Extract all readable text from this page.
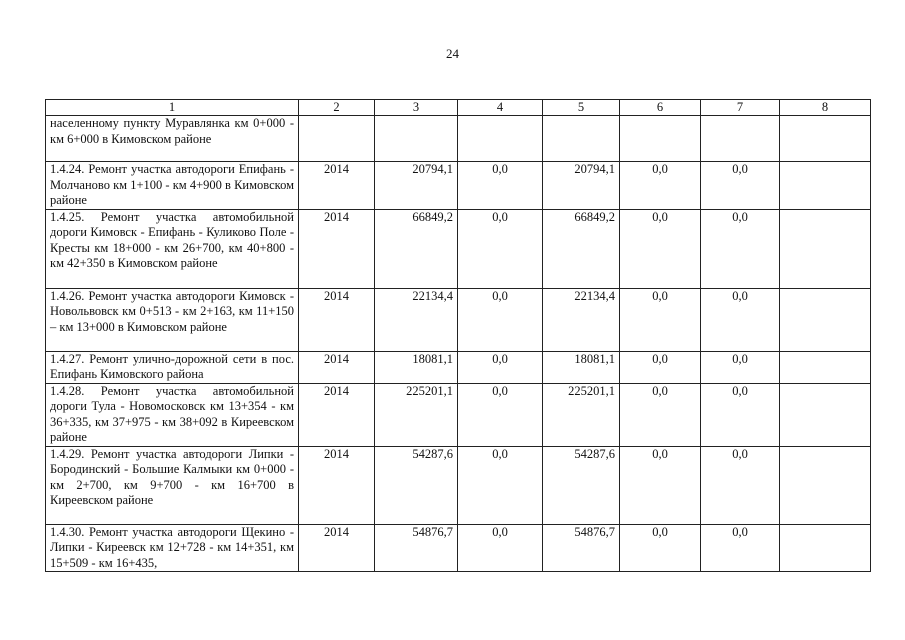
24
1	2	3	4	5	6	7	8
населенному пункту Муравлянка км 0+000 - км 6+000 в Кимовском районе							
1.4.24. Ремонт участка автодороги Епифань - Молчаново км 1+100 - км 4+900 в Кимовском районе	2014	20794,1	0,0	20794,1	0,0	0,0	
1.4.25. Ремонт участка автомобильной дороги Кимовск - Епифань - Куликово Поле - Кресты км 18+000 - км 26+700, км 40+800 - км 42+350 в Кимовском районе	2014	66849,2	0,0	66849,2	0,0	0,0	
1.4.26. Ремонт участка автодороги Кимовск - Новольвовск км 0+513 - км 2+163, км 11+150 – км 13+000 в Кимовском районе	2014	22134,4	0,0	22134,4	0,0	0,0	
1.4.27. Ремонт улично-дорожной сети в пос. Епифань Кимовского района	2014	18081,1	0,0	18081,1	0,0	0,0	
1.4.28. Ремонт участка автомобильной дороги Тула - Новомосковск км 13+354 - км 36+335, км 37+975 - км 38+092 в Киреевском районе	2014	225201,1	0,0	225201,1	0,0	0,0	
1.4.29. Ремонт участка автодороги Липки - Бородинский - Большие Калмыки км 0+000 - км 2+700, км 9+700 - км 16+700 в Киреевском районе	2014	54287,6	0,0	54287,6	0,0	0,0	
1.4.30. Ремонт участка автодороги Щекино - Липки - Киреевск км 12+728 - км 14+351, км 15+509 - км 16+435,	2014	54876,7	0,0	54876,7	0,0	0,0	
